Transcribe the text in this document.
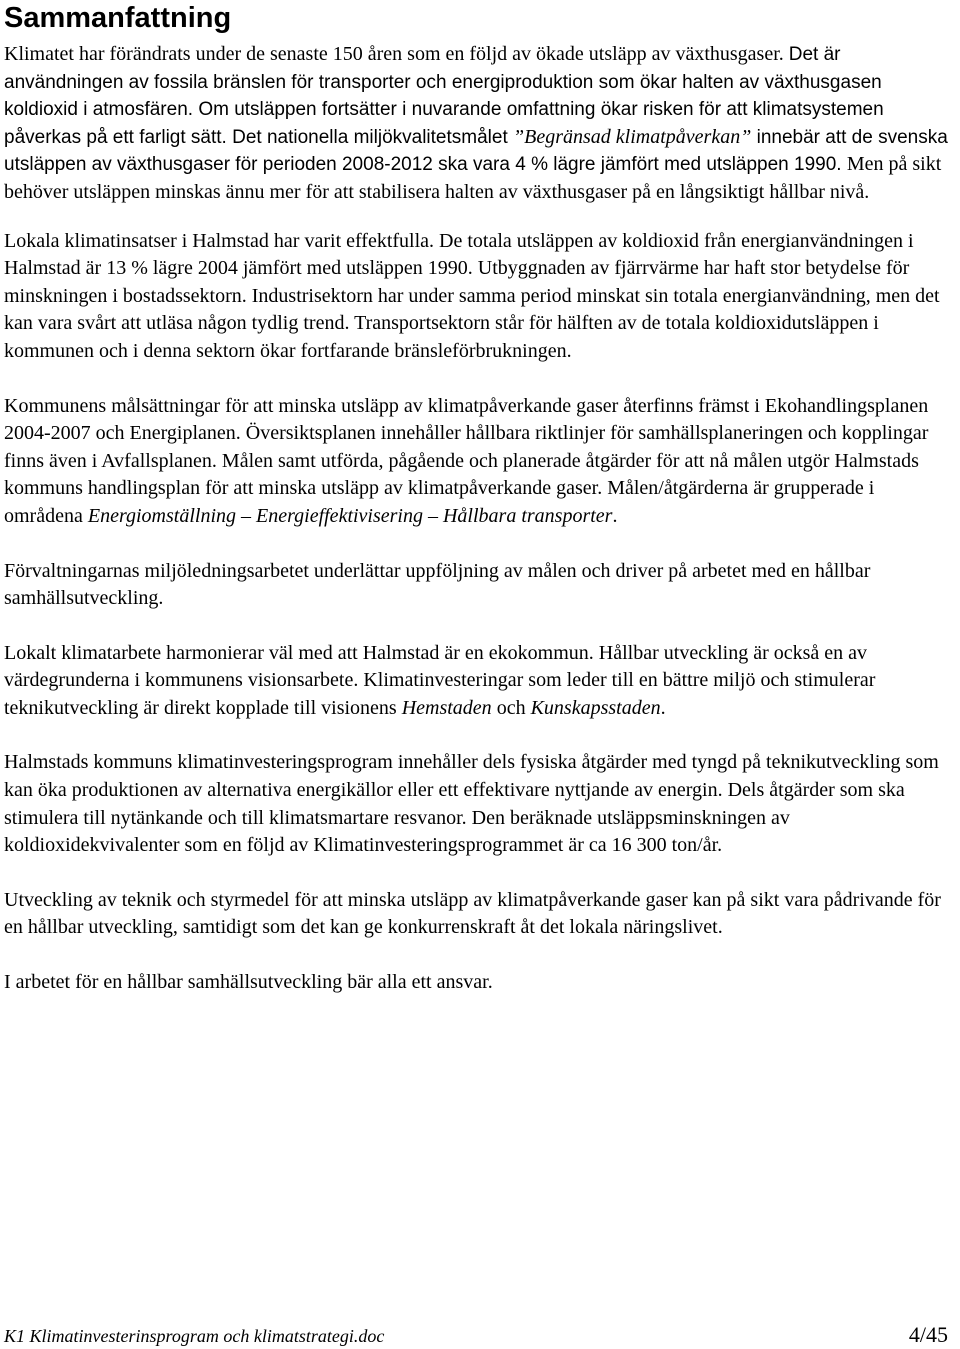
Sammanfattning

Klimatet har förändrats under de senaste 150 åren som en följd av ökade utsläpp av växthusgaser. Det är användningen av fossila bränslen för transporter och energiproduktion som ökar halten av växthusgasen koldioxid i atmosfären. Om utsläppen fortsätter i nuvarande omfattning ökar risken för att klimatsystemen påverkas på ett farligt sätt. Det nationella miljökvalitetsmålet ”Begränsad klimatpåverkan” innebär att de svenska utsläppen av växthusgaser för perioden 2008-2012 ska vara 4 % lägre jämfört med utsläppen 1990. Men på sikt behöver utsläppen minskas ännu mer för att stabilisera halten av växthusgaser på en långsiktigt hållbar nivå.

Lokala klimatinsatser i Halmstad har varit effektfulla. De totala utsläppen av koldioxid från energianvändningen i Halmstad är 13 % lägre 2004 jämfört med utsläppen 1990. Utbyggnaden av fjärrvärme har haft stor betydelse för minskningen i bostadssektorn. Industrisektorn har under samma period minskat sin totala energianvändning, men det kan vara svårt att utläsa någon tydlig trend. Transportsektorn står för hälften av de totala koldioxidutsläppen i kommunen och i denna sektorn ökar fortfarande bränsleförbrukningen.

Kommunens målsättningar för att minska utsläpp av klimatpåverkande gaser återfinns främst i Ekohandlingsplanen 2004-2007 och Energiplanen. Översiktsplanen innehåller hållbara riktlinjer för samhällsplaneringen och kopplingar finns även i Avfallsplanen. Målen samt utförda, pågående och planerade åtgärder för att nå målen utgör Halmstads kommuns handlingsplan för att minska utsläpp av klimatpåverkande gaser. Målen/åtgärderna är grupperade i områdena Energiomställning – Energieffektivisering – Hållbara transporter.

Förvaltningarnas miljöledningsarbetet underlättar uppföljning av målen och driver på arbetet med en hållbar samhällsutveckling.

Lokalt klimatarbete harmonierar väl med att Halmstad är en ekokommun. Hållbar utveckling är också en av värdegrunderna i kommunens visionsarbete. Klimatinvesteringar som leder till en bättre miljö och stimulerar teknikutveckling är direkt kopplade till visionens Hemstaden och Kunskapsstaden.

Halmstads kommuns klimatinvesteringsprogram innehåller dels fysiska åtgärder med tyngd på teknikutveckling som kan öka produktionen av alternativa energikällor eller ett effektivare nyttjande av energin. Dels åtgärder som ska stimulera till nytänkande och till klimatsmartare resvanor. Den beräknade utsläppsminskningen av koldioxidekvivalenter som en följd av Klimatinvesteringsprogrammet är ca 16 300 ton/år.

Utveckling av teknik och styrmedel för att minska utsläpp av klimatpåverkande gaser kan på sikt vara pådrivande för en hållbar utveckling, samtidigt som det kan ge konkurrenskraft åt det lokala näringslivet.

I arbetet för en hållbar samhällsutveckling bär alla ett ansvar.

K1 Klimatinvesterinsprogram och klimatstrategi.doc	4/45
